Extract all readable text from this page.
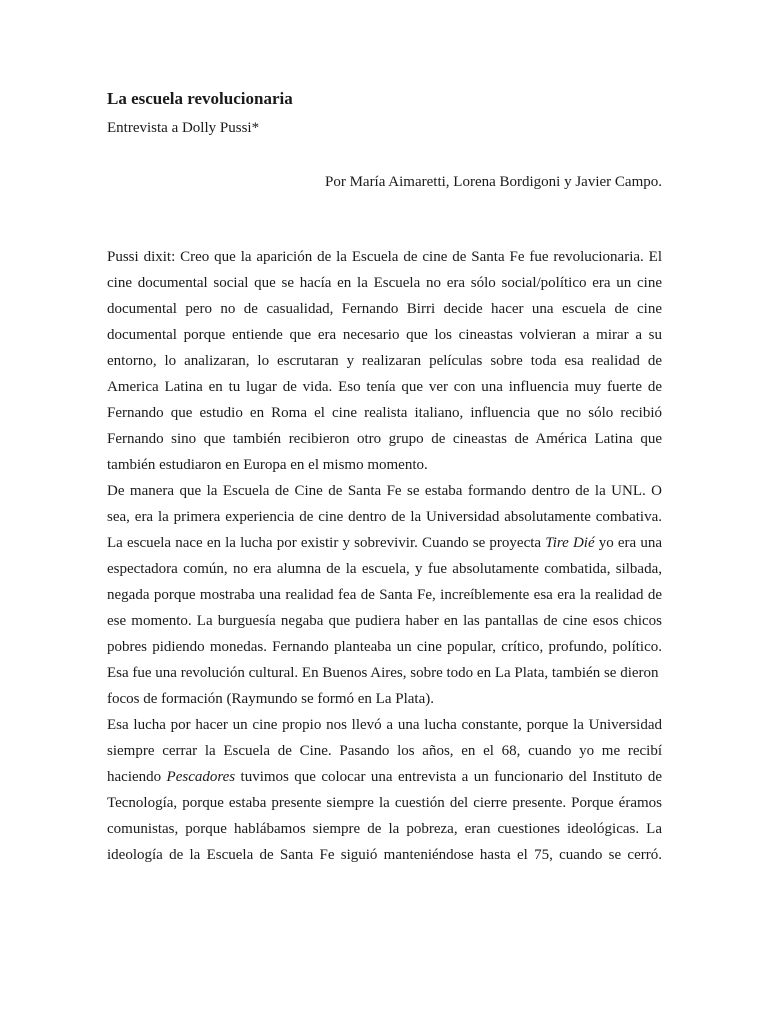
La escuela revolucionaria
Entrevista a Dolly Pussi*
Por María Aimaretti, Lorena Bordigoni y Javier Campo.

Pussi dixit: Creo que la aparición de la Escuela de cine de Santa Fe fue revolucionaria. El
cine documental social que se hacía en la Escuela no era sólo social/político era un cine
documental pero no de casualidad, Fernando Birri decide hacer una escuela de cine
documental porque entiende que era necesario que los cineastas volvieran a mirar a su
entorno, lo analizaran, lo escrutaran y realizaran películas sobre toda esa realidad de
America Latina en tu lugar de vida. Eso tenía que ver con una influencia muy fuerte de
Fernando que estudio en Roma el cine realista italiano, influencia que no sólo recibió
Fernando sino que también recibieron otro grupo de cineastas de América Latina que
también estudiaron en Europa en el mismo momento.

De manera que la Escuela de Cine de Santa Fe se estaba formando dentro de la UNL. O
sea, era la primera experiencia de cine dentro de la Universidad absolutamente combativa.
La escuela nace en la lucha por existir y sobrevivir. Cuando se proyecta Tire Dié yo era una
espectadora común, no era alumna de la escuela, y fue absolutamente combatida, silbada,
negada porque mostraba una realidad fea de Santa Fe, increíblemente esa era la realidad de
ese momento. La burguesía negaba que pudiera haber en las pantallas de cine esos chicos
pobres pidiendo monedas. Fernando planteaba un cine popular, crítico, profundo, político.
Esa fue una revolución cultural. En Buenos Aires, sobre todo en La Plata, también se dieron
focos de formación (Raymundo se formó en La Plata).

Esa lucha por hacer un cine propio nos llevó a una lucha constante, porque la Universidad
siempre cerrar la Escuela de Cine. Pasando los años, en el 68, cuando yo me recibí
haciendo Pescadores tuvimos que colocar una entrevista a un funcionario del Instituto de
Tecnología, porque estaba presente siempre la cuestión del cierre presente. Porque éramos
comunistas, porque hablábamos siempre de la pobreza, eran cuestiones ideológicas. La
ideología de la Escuela de Santa Fe siguió manteniéndose hasta el 75, cuando se cerró.
